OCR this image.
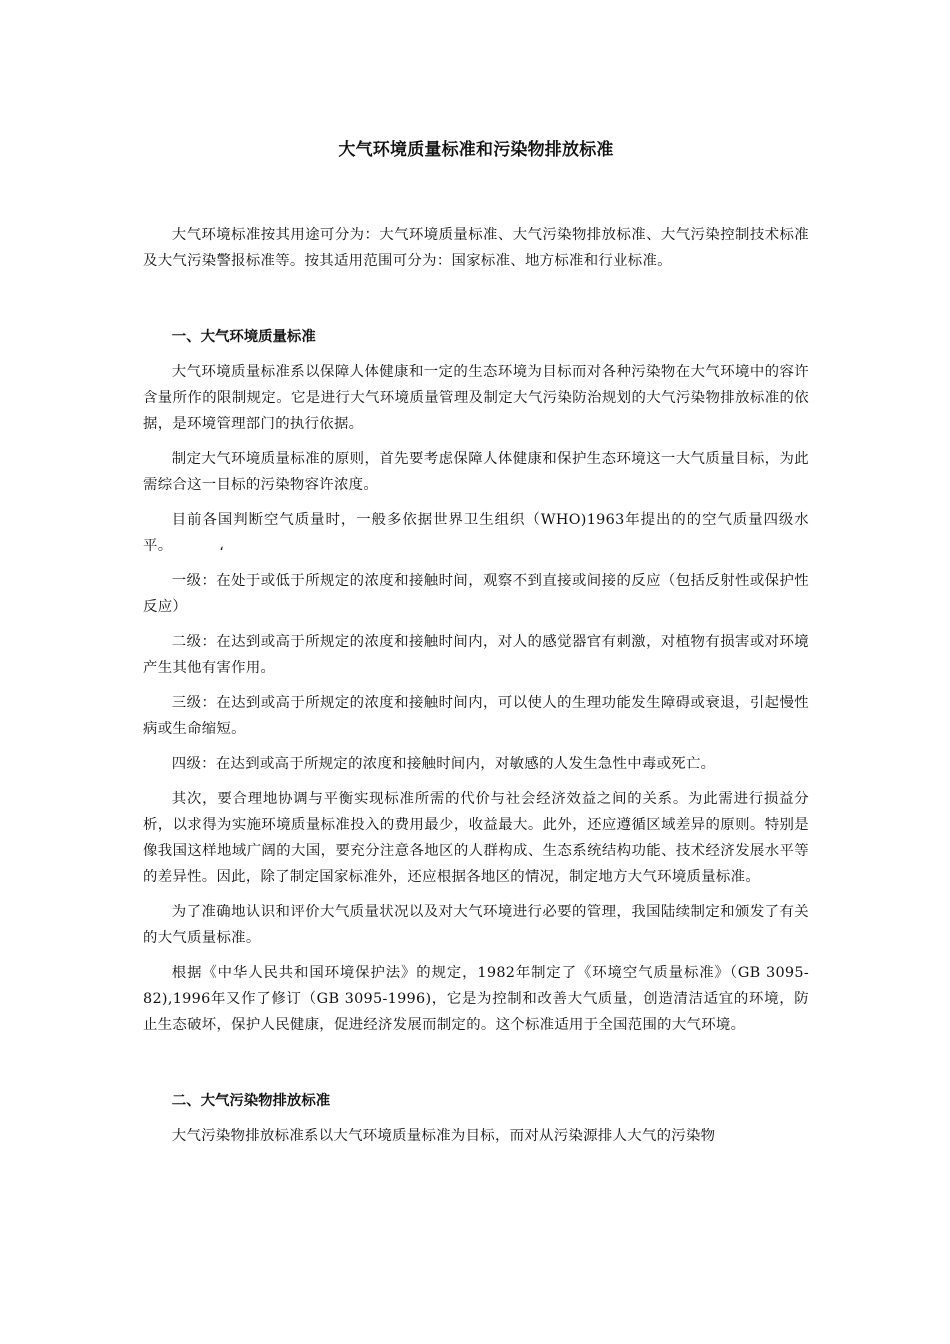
大气环境质量标准和污染物排放标准

大气环境标准按其用途可分为：大气环境质量标准、大气污染物排放标准、大气污染控制技术标准及大气污染警报标准等。按其适用范围可分为：国家标准、地方标准和行业标准。

一、大气环境质量标准

大气环境质量标准系以保障人体健康和一定的生态环境为目标而对各种污染物在大气环境中的容许含量所作的限制规定。它是进行大气环境质量管理及制定大气污染防治规划的大气污染物排放标准的依据，是环境管理部门的执行依据。

制定大气环境质量标准的原则，首先要考虑保障人体健康和保护生态环境这一大气质量目标，为此需综合这一目标的污染物容许浓度。

目前各国判断空气质量时，一般多依据世界卫生组织（WHO)1963年提出的的空气质量四级水平。	،

一级：在处于或低于所规定的浓度和接触时间，观察不到直接或间接的反应（包括反射性或保护性反应）

二级：在达到或高于所规定的浓度和接触时间内，对人的感觉器官有刺激，对植物有损害或对环境产生其他有害作用。

三级：在达到或高于所规定的浓度和接触时间内，可以使人的生理功能发生障碍或衰退，引起慢性病或生命缩短。

四级：在达到或高于所规定的浓度和接触时间内，对敏感的人发生急性中毒或死亡。

其次，要合理地协调与平衡实现标准所需的代价与社会经济效益之间的关系。为此需进行损益分析，以求得为实施环境质量标准投入的费用最少，收益最大。此外，还应遵循区域差异的原则。特别是像我国这样地域广阔的大国，要充分注意各地区的人群构成、生态系统结构功能、技术经济发展水平等的差异性。因此，除了制定国家标准外，还应根据各地区的情况，制定地方大气环境质量标准。

为了准确地认识和评价大气质量状况以及对大气环境进行必要的管理，我国陆续制定和颁发了有关的大气质量标准。

根据《中华人民共和国环境保护法》的规定，1982年制定了《环境空气质量标准》（GB 3095-82),1996年又作了修订（GB 3095-1996)，它是为控制和改善大气质量，创造清洁适宜的环境，防止生态破坏，保护人民健康，促进经济发展而制定的。这个标准适用于全国范围的大气环境。

二、大气污染物排放标准

大气污染物排放标准系以大气环境质量标准为目标，而对从污染源排人大气的污染物
